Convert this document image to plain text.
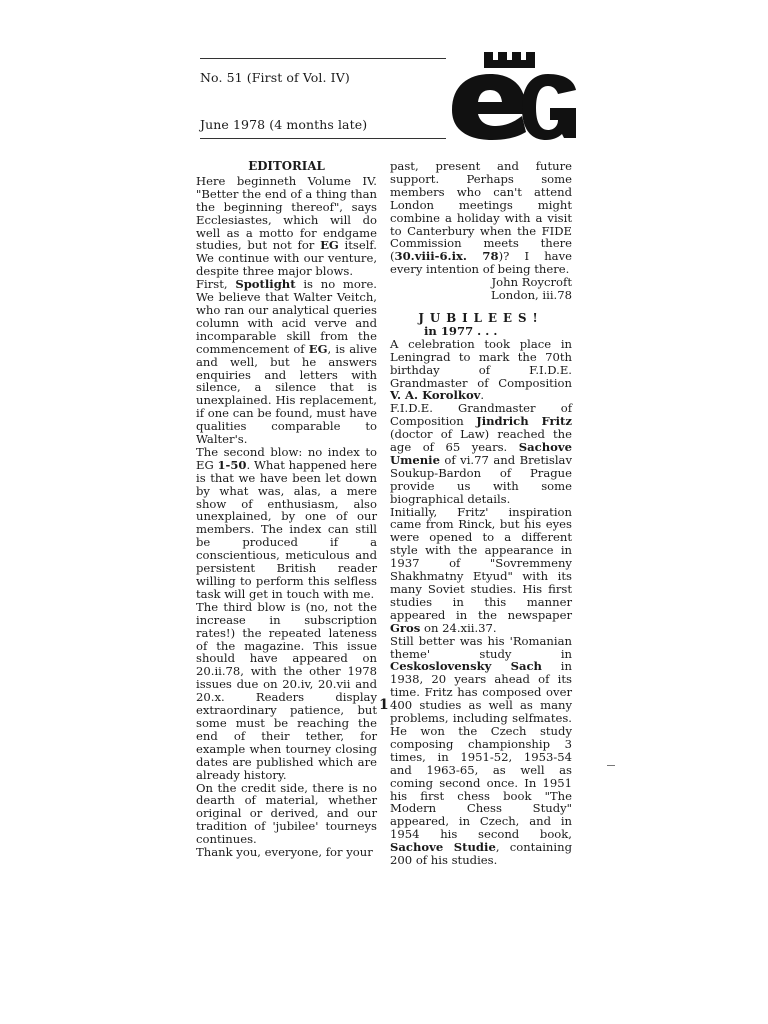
No. 51 (First of Vol. IV)
June 1978 (4 months late)

EDITORIAL

Here beginneth Volume IV. "Better the end of a thing than the beginning thereof", says Ecclesiastes, which will do well as a motto for endgame studies, but not for EG itself. We continue with our venture, despite three major blows.

First, Spotlight is no more. We believe that Walter Veitch, who ran our analytical queries column with acid verve and incomparable skill from the commencement of EG, is alive and well, but he answers enquiries and letters with silence, a silence that is unexplained. His replacement, if one can be found, must have qualities comparable to Walter's.

The second blow: no index to EG 1-50. What happened here is that we have been let down by what was, alas, a mere show of enthusiasm, also unexplained, by one of our members. The index can still be produced if a conscientious, meticulous and persistent British reader willing to perform this selfless task will get in touch with me.

The third blow is (no, not the increase in subscription rates!) the repeated lateness of the magazine. This issue should have appeared on 20.ii.78, with the other 1978 issues due on 20.iv, 20.vii and 20.x. Readers display extraordinary patience, but some must be reaching the end of their tether, for example when tourney closing dates are published which are already history.

On the credit side, there is no dearth of material, whether original or derived, and our tradition of 'jubilee' tourneys continues.

Thank you, everyone, for your

past, present and future support. Perhaps some members who can't attend London meetings might combine a holiday with a visit to Canterbury when the FIDE Commission meets there (30.viii-6.ix. 78)? I have every intention of being there.

John Roycroft

London, iii.78

JUBILEES!

in 1977 . . .

A celebration took place in Leningrad to mark the 70th birthday of F.I.D.E. Grandmaster of Composition V. A. Korolkov.

F.I.D.E. Grandmaster of Composition Jindrich Fritz (doctor of Law) reached the age of 65 years. Sachove Umenie of vi.77 and Bretislav Soukup-Bardon of Prague provide us with some biographical details.

Initially, Fritz' inspiration came from Rinck, but his eyes were opened to a different style with the appearance in 1937 of "Sovremmeny Shakhmatny Etyud" with its many Soviet studies. His first studies in this manner appeared in the newspaper Gros on 24.xii.37.

Still better was his 'Romanian theme' study in Ceskoslovensky Sach in 1938, 20 years ahead of its time. Fritz has composed over 400 studies as well as many problems, including selfmates. He won the Czech study composing championship 3 times, in 1951-52, 1953-54 and 1963-65, as well as coming second once. In 1951 his first chess book "The Modern Chess Study" appeared, in Czech, and in 1954 his second book, Sachove Studie, containing 200 of his studies.

1
